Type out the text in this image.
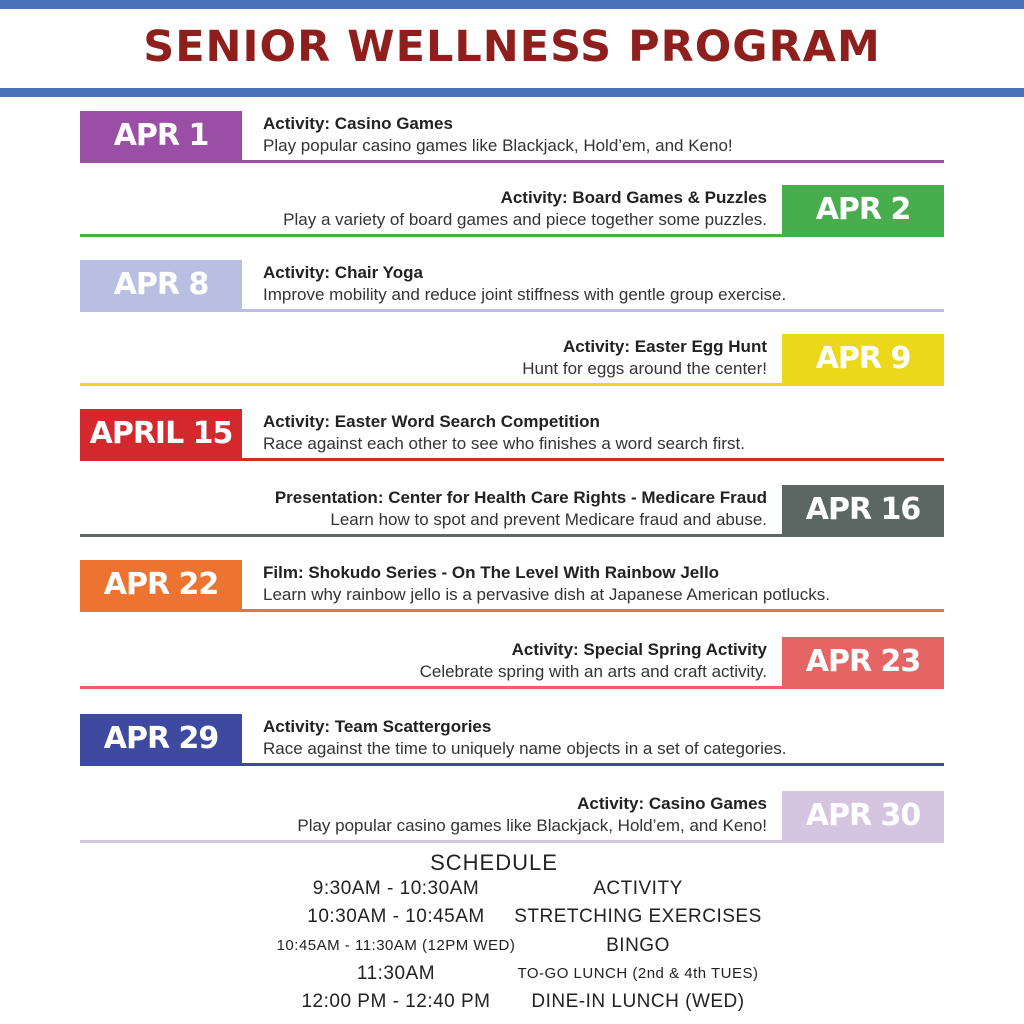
SENIOR WELLNESS PROGRAM
APR 1	Activity: Casino Games
Play popular casino games like Blackjack, Hold’em, and Keno!
Activity: Board Games & Puzzles
Play a variety of board games and piece together some puzzles.	APR 2
APR 8	Activity: Chair Yoga
Improve mobility and reduce joint stiffness with gentle group exercise.
Activity: Easter Egg Hunt
Hunt for eggs around the center!	APR 9
APRIL 15	Activity: Easter Word Search Competition
Race against each other to see who finishes a word search first.
Presentation: Center for Health Care Rights - Medicare Fraud
Learn how to spot and prevent Medicare fraud and abuse.	APR 16
APR 22	Film: Shokudo Series - On The Level With Rainbow Jello
Learn why rainbow jello is a pervasive dish at Japanese American potlucks.
Activity: Special Spring Activity
Celebrate spring with an arts and craft activity.	APR 23
APR 29	Activity: Team Scattergories
Race against the time to uniquely name objects in a set of categories.
Activity: Casino Games
Play popular casino games like Blackjack, Hold’em, and Keno!	APR 30
SCHEDULE
9:30AM - 10:30AM	ACTIVITY
10:30AM - 10:45AM	STRETCHING EXERCISES
10:45AM - 11:30AM (12PM WED)	BINGO
11:30AM	TO-GO LUNCH (2nd & 4th TUES)
12:00 PM - 12:40 PM	DINE-IN LUNCH (WED)
